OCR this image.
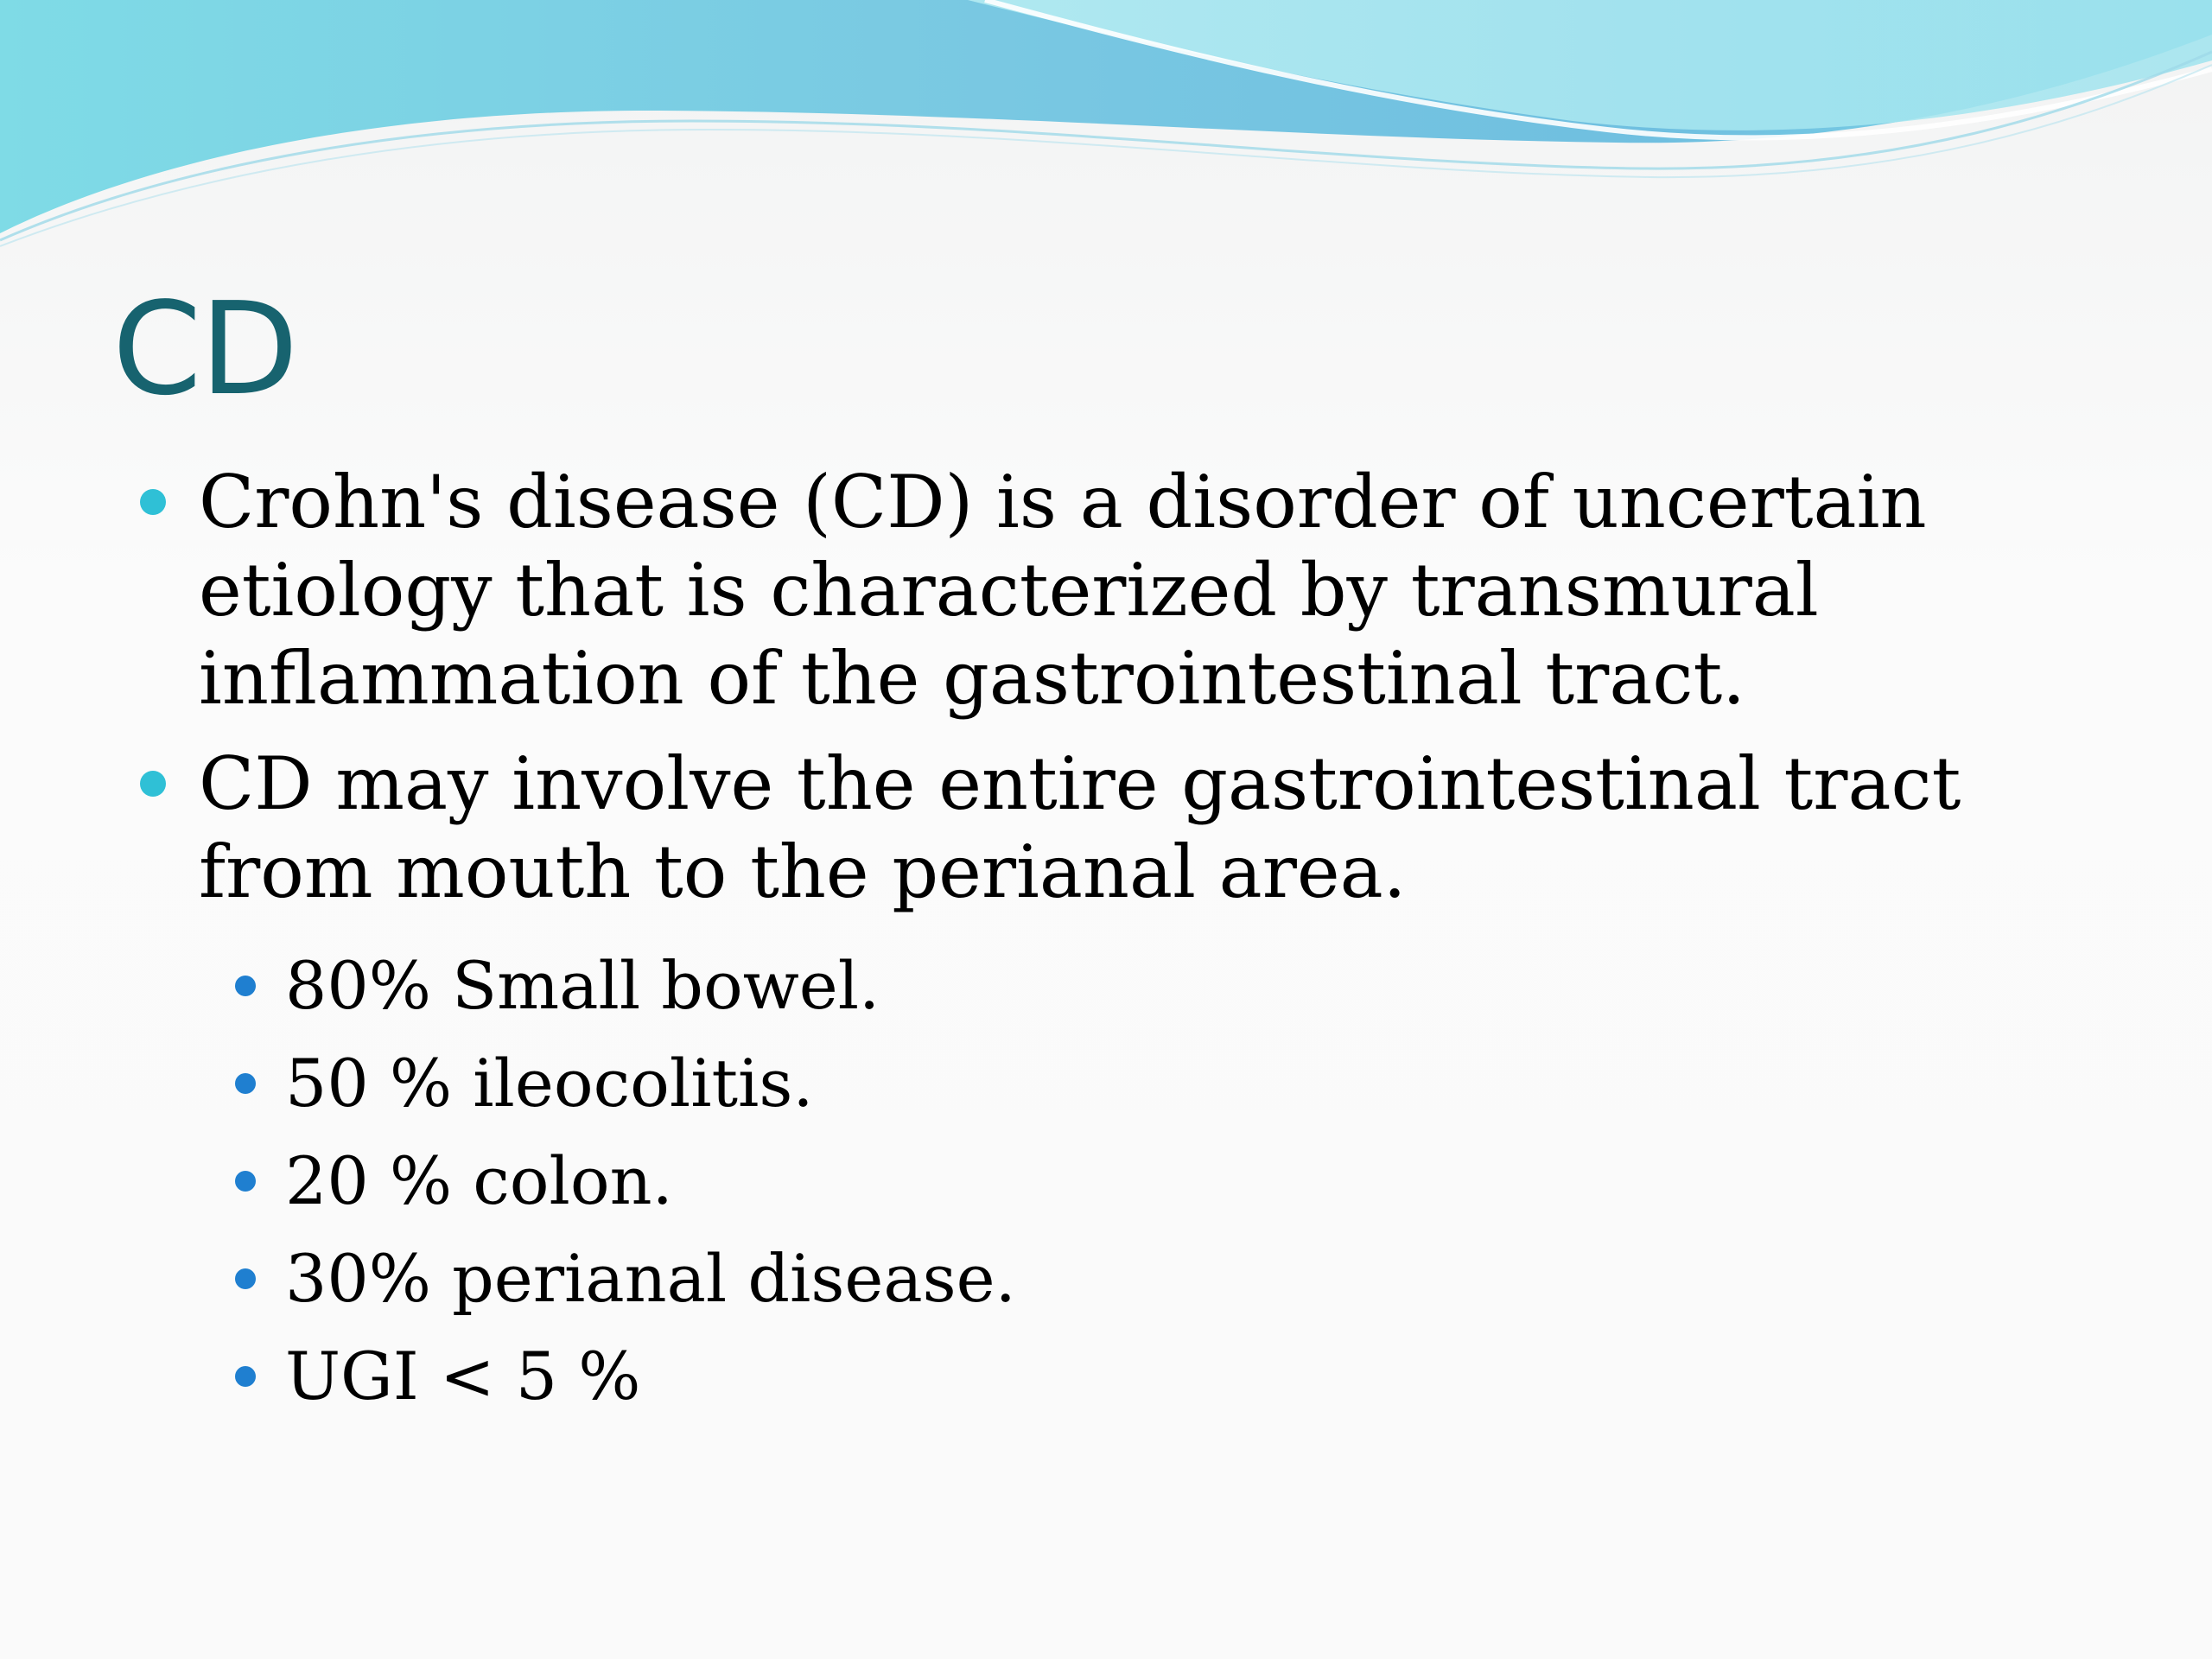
CD
Crohn's disease (CD) is a disorder of uncertain etiology that is characterized by transmural inflammation of the gastrointestinal tract.
CD may involve the entire gastrointestinal tract from mouth to the perianal area.
80% Small bowel.
50 % ileocolitis.
20 % colon.
30% perianal disease.
UGI < 5 %
